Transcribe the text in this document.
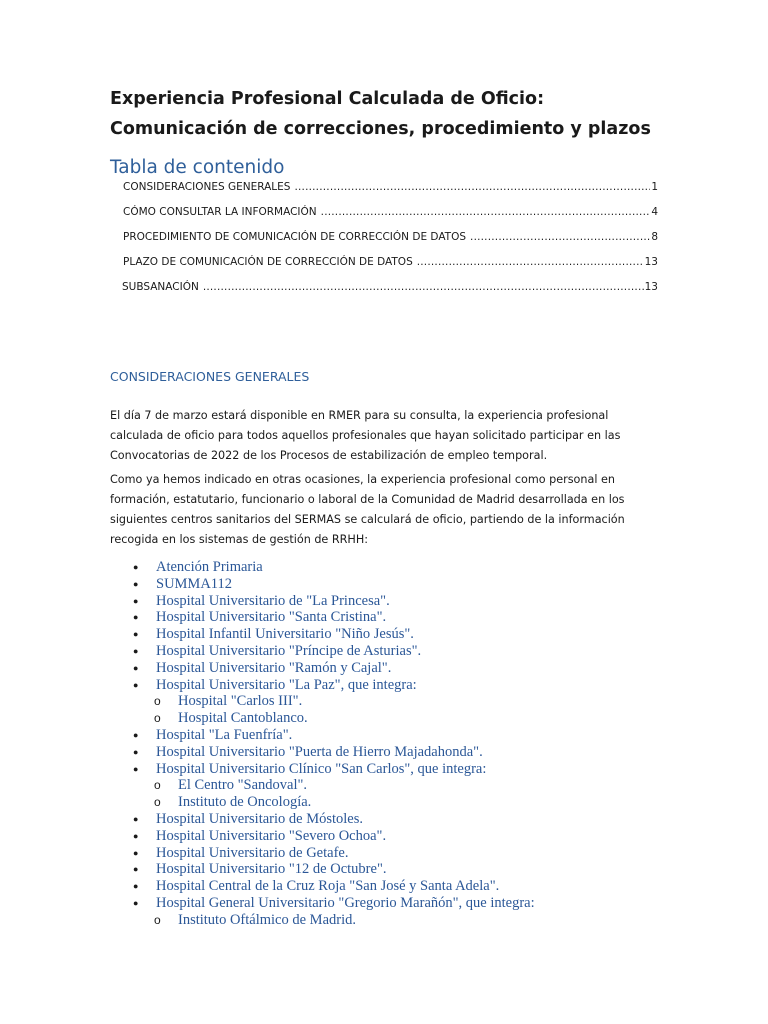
Experiencia Profesional Calculada de Oficio: Comunicación de correcciones, procedimiento y plazos
Tabla de contenido
CONSIDERACIONES GENERALES .....	1
CÓMO CONSULTAR LA INFORMACIÓN .....	4
PROCEDIMIENTO DE COMUNICACIÓN DE CORRECCIÓN DE DATOS .....	8
PLAZO DE COMUNICACIÓN DE CORRECCIÓN DE DATOS .....	13
SUBSANACIÓN .....	13
CONSIDERACIONES GENERALES

El día 7 de marzo estará disponible en RMER para su consulta, la experiencia profesional calculada de oficio para todos aquellos profesionales que hayan solicitado participar en las Convocatorias de 2022 de los Procesos de estabilización de empleo temporal.

Como ya hemos indicado en otras ocasiones, la experiencia profesional como personal en formación, estatutario, funcionario o laboral de la Comunidad de Madrid desarrollada en los siguientes centros sanitarios del SERMAS se calculará de oficio, partiendo de la información recogida en los sistemas de gestión de RRHH:

● Atención Primaria
● SUMMA112
● Hospital Universitario de "La Princesa".
● Hospital Universitario "Santa Cristina".
● Hospital Infantil Universitario "Niño Jesús".
● Hospital Universitario "Príncipe de Asturias".
● Hospital Universitario "Ramón y Cajal".
● Hospital Universitario "La Paz", que integra:
o Hospital "Carlos III".
o Hospital Cantoblanco.
● Hospital "La Fuenfría".
● Hospital Universitario "Puerta de Hierro Majadahonda".
● Hospital Universitario Clínico "San Carlos", que integra:
o El Centro "Sandoval".
o Instituto de Oncología.
● Hospital Universitario de Móstoles.
● Hospital Universitario "Severo Ochoa".
● Hospital Universitario de Getafe.
● Hospital Universitario "12 de Octubre".
● Hospital Central de la Cruz Roja "San José y Santa Adela".
● Hospital General Universitario "Gregorio Marañón", que integra:
o Instituto Oftálmico de Madrid.
